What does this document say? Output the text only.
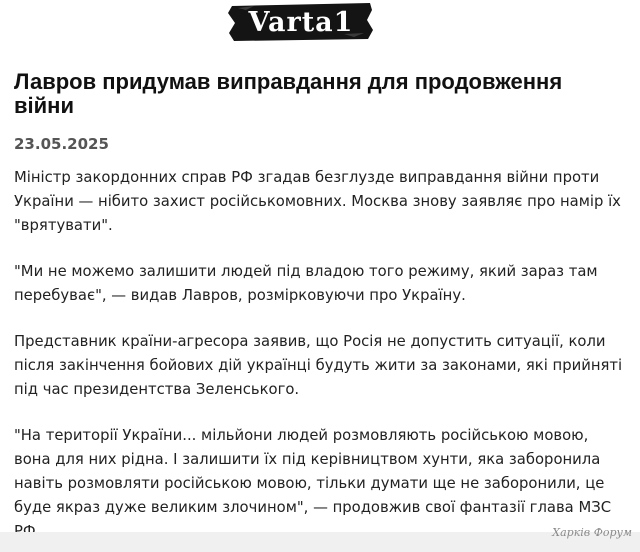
Varta1
Лавров придумав виправдання для продовження війни
23.05.2025

Міністр закордонних справ РФ згадав безглузде виправдання війни проти України — нібито захист російськомовних. Москва знову заявляє про намір їх "врятувати".

"Ми не можемо залишити людей під владою того режиму, який зараз там перебуває", — видав Лавров, розмірковуючи про Україну.

Представник країни-агресора заявив, що Росія не допустить ситуації, коли після закінчення бойових дій українці будуть жити за законами, які прийняті під час президентства Зеленського.

"На території України... мільйони людей розмовляють російською мовою, вона для них рідна. І залишити їх під керівництвом хунти, яка заборонила навіть розмовляти російською мовою, тільки думати ще не заборонили, це буде якраз дуже великим злочином", — продовжив свої фантазії глава МЗС

Харків Форум
